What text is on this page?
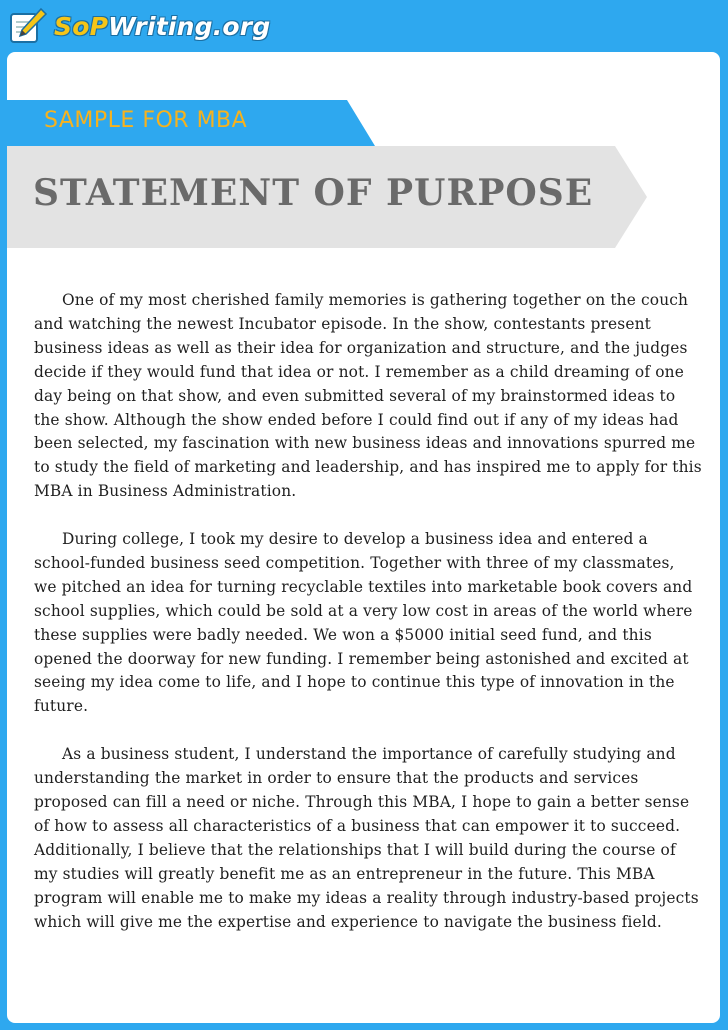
SoPWriting.org
SAMPLE FOR MBA
STATEMENT OF PURPOSE

One of my most cherished family memories is gathering together on the couch and watching the newest Incubator episode. In the show, contestants present business ideas as well as their idea for organization and structure, and the judges decide if they would fund that idea or not. I remember as a child dreaming of one day being on that show, and even submitted several of my brainstormed ideas to the show. Although the show ended before I could find out if any of my ideas had been selected, my fascination with new business ideas and innovations spurred me to study the field of marketing and leadership, and has inspired me to apply for this MBA in Business Administration.

During college, I took my desire to develop a business idea and entered a school-funded business seed competition. Together with three of my classmates, we pitched an idea for turning recyclable textiles into marketable book covers and school supplies, which could be sold at a very low cost in areas of the world where these supplies were badly needed. We won a $5000 initial seed fund, and this opened the doorway for new funding. I remember being astonished and excited at seeing my idea come to life, and I hope to continue this type of innovation in the future.

As a business student, I understand the importance of carefully studying and understanding the market in order to ensure that the products and services proposed can fill a need or niche. Through this MBA, I hope to gain a better sense of how to assess all characteristics of a business that can empower it to succeed. Additionally, I believe that the relationships that I will build during the course of my studies will greatly benefit me as an entrepreneur in the future. This MBA program will enable me to make my ideas a reality through industry-based projects which will give me the expertise and experience to navigate the business field.
